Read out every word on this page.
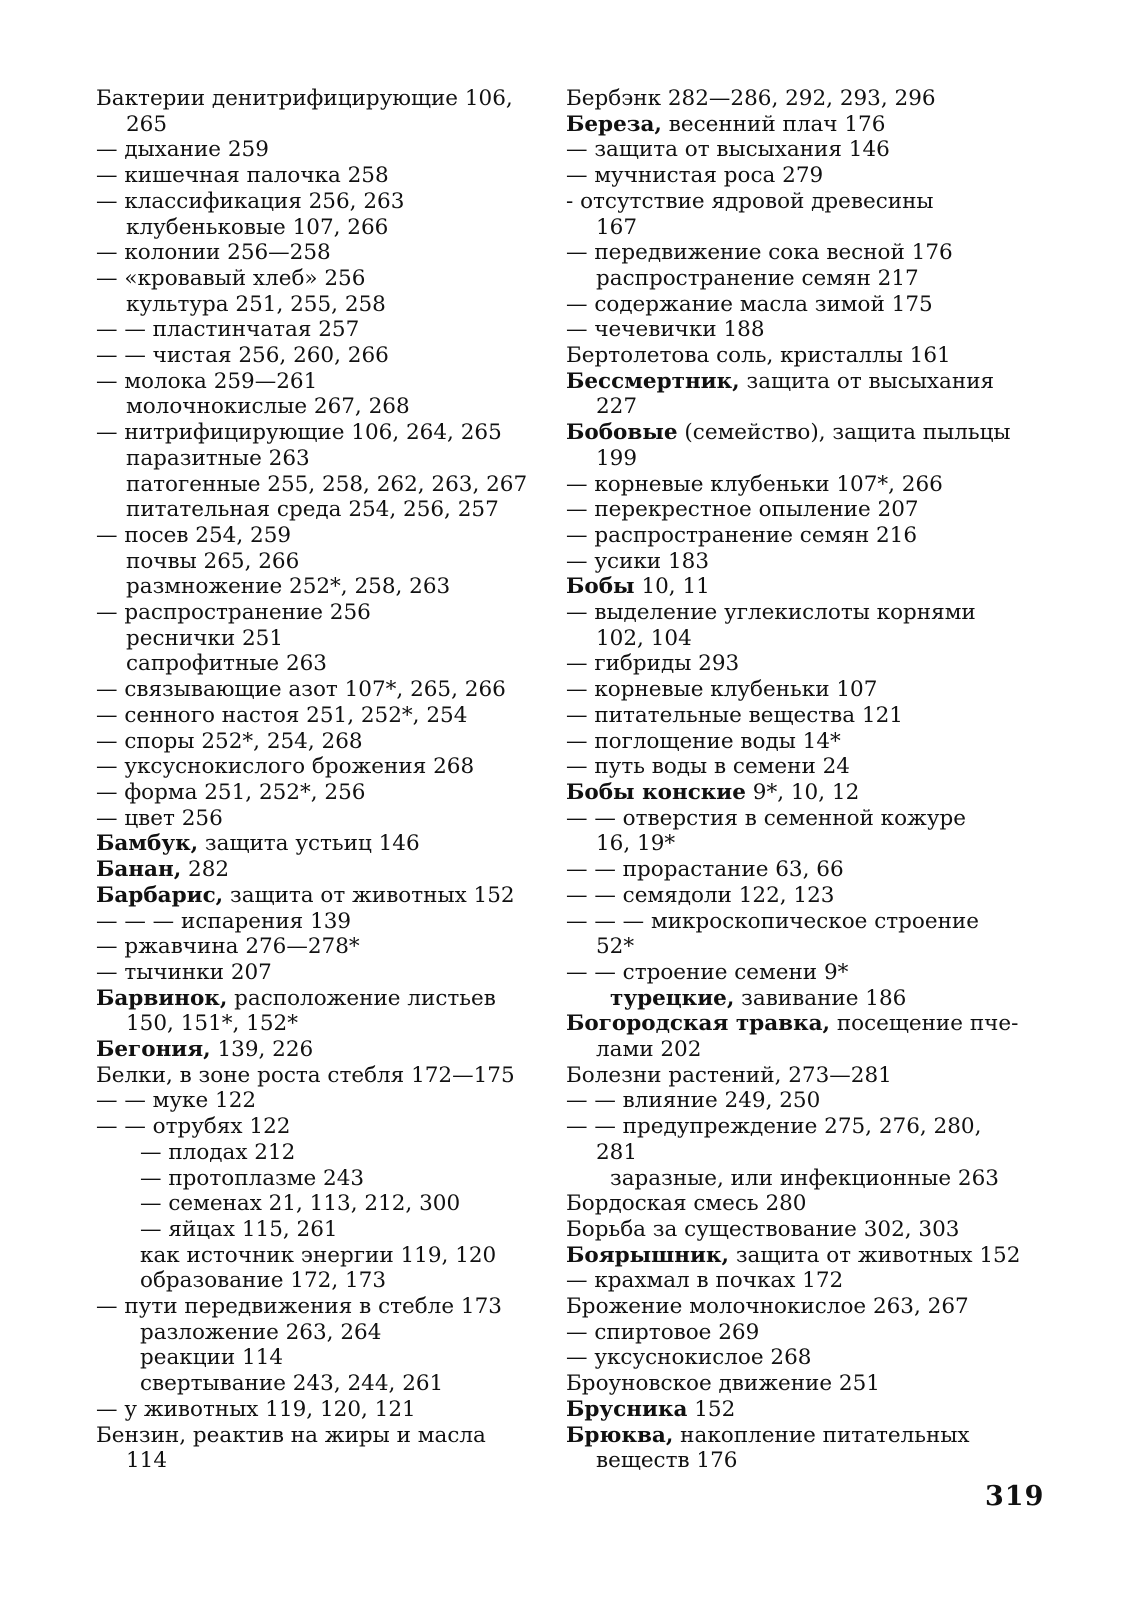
Бактерии денитрифицирующие 106,
265
— дыхание 259
— кишечная палочка 258
— классификация 256, 263
клубеньковые 107, 266
— колонии 256—258
— «кровавый хлеб» 256
культура 251, 255, 258
— — пластинчатая 257
— — чистая 256, 260, 266
— молока 259—261
молочнокислые 267, 268
— нитрифицирующие 106, 264, 265
паразитные 263
патогенные 255, 258, 262, 263, 267
питательная среда 254, 256, 257
— посев 254, 259
почвы 265, 266
размножение 252*, 258, 263
— распространение 256
реснички 251
сапрофитные 263
— связывающие азот 107*, 265, 266
— сенного настоя 251, 252*, 254
— споры 252*, 254, 268
— уксуснокислого брожения 268
— форма 251, 252*, 256
— цвет 256
Бамбук, защита устьиц 146
Банан, 282
Барбарис, защита от животных 152
— — — испарения 139
— ржавчина 276—278*
— тычинки 207
Барвинок, расположение листьев
150, 151*, 152*
Бегония, 139, 226
Белки, в зоне роста стебля 172—175
— — муке 122
— — отрубях 122
— плодах 212
— протоплазме 243
— семенах 21, 113, 212, 300
— яйцах 115, 261
как источник энергии 119, 120
образование 172, 173
— пути передвижения в стебле 173
разложение 263, 264
реакции 114
свертывание 243, 244, 261
— у животных 119, 120, 121
Бензин, реактив на жиры и масла
114
Бербэнк 282—286, 292, 293, 296
Береза, весенний плач 176
— защита от высыхания 146
— мучнистая роса 279
- отсутствие ядровой древесины
167
— передвижение сока весной 176
распространение семян 217
— содержание масла зимой 175
— чечевички 188
Бертолетова соль, кристаллы 161
Бессмертник, защита от высыхания
227
Бобовые (семейство), защита пыльцы
199
— корневые клубеньки 107*, 266
— перекрестное опыление 207
— распространение семян 216
— усики 183
Бобы 10, 11
— выделение углекислоты корнями
102, 104
— гибриды 293
— корневые клубеньки 107
— питательные вещества 121
— поглощение воды 14*
— путь воды в семени 24
Бобы конские 9*, 10, 12
— — отверстия в семенной кожуре
16, 19*
— — прорастание 63, 66
— — семядоли 122, 123
— — — микроскопическое строение
52*
— — строение семени 9*
турецкие, завивание 186
Богородская травка, посещение пче-
лами 202
Болезни растений, 273—281
— — влияние 249, 250
— — предупреждение 275, 276, 280,
281
заразные, или инфекционные 263
Бордоская смесь 280
Борьба за существование 302, 303
Боярышник, защита от животных 152
— крахмал в почках 172
Брожение молочнокислое 263, 267
— спиртовое 269
— уксуснокислое 268
Броуновское движение 251
Брусника 152
Брюква, накопление питательных
веществ 176
319
